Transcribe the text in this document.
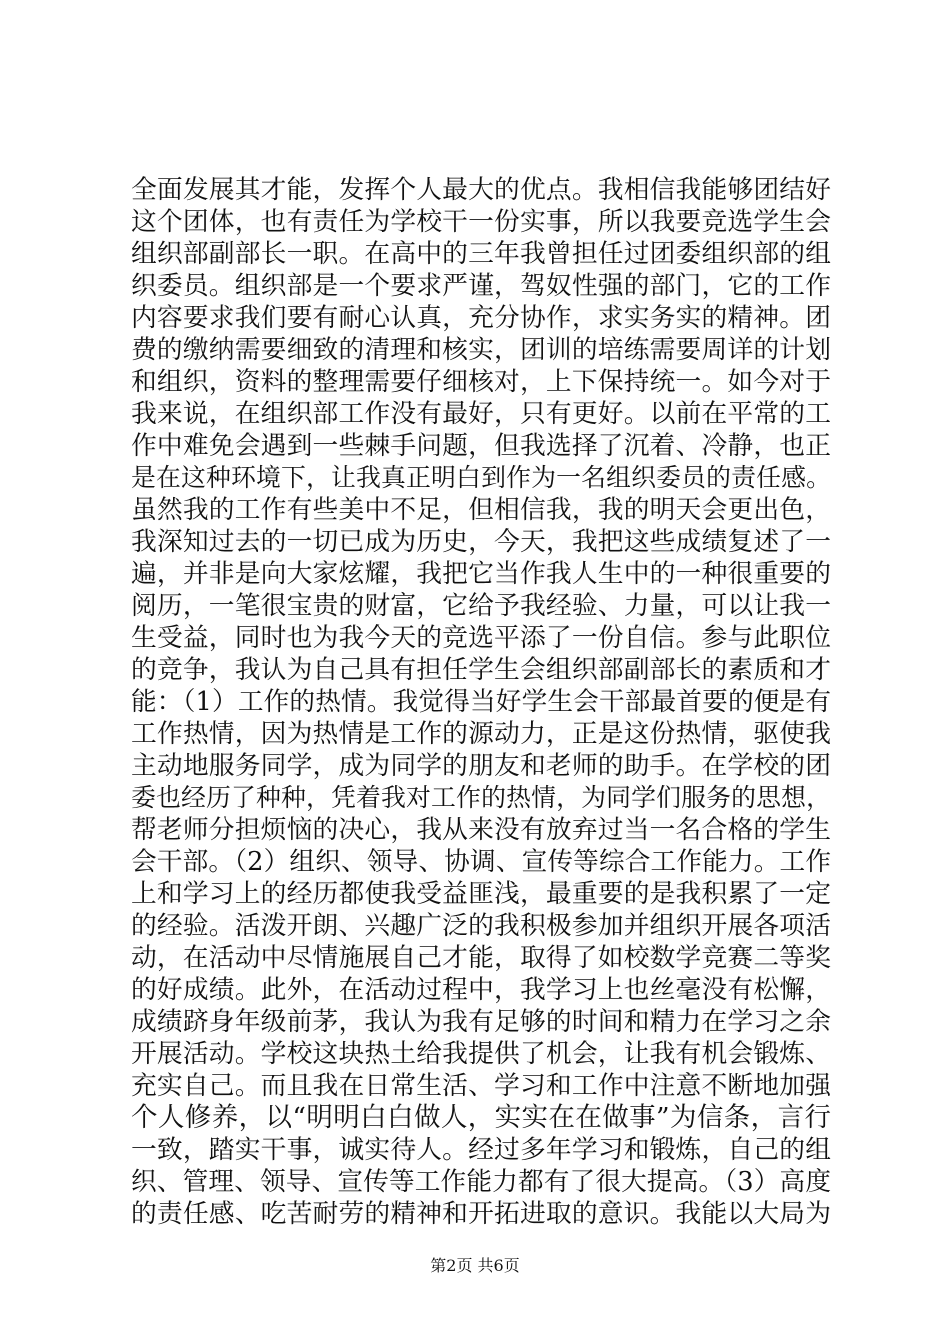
全面发展其才能，发挥个人最大的优点。我相信我能够团结好
这个团体，也有责任为学校干一份实事，所以我要竞选学生会
组织部副部长一职。在高中的三年我曾担任过团委组织部的组
织委员。组织部是一个要求严谨，驾奴性强的部门，它的工作
内容要求我们要有耐心认真，充分协作，求实务实的精神。团
费的缴纳需要细致的清理和核实，团训的培练需要周详的计划
和组织，资料的整理需要仔细核对，上下保持统一。如今对于
我来说，在组织部工作没有最好，只有更好。以前在平常的工
作中难免会遇到一些棘手问题，但我选择了沉着、冷静，也正
是在这种环境下，让我真正明白到作为一名组织委员的责任感。
虽然我的工作有些美中不足，但相信我，我的明天会更出色，
我深知过去的一切已成为历史，今天，我把这些成绩复述了一
遍，并非是向大家炫耀，我把它当作我人生中的一种很重要的
阅历，一笔很宝贵的财富，它给予我经验、力量，可以让我一
生受益，同时也为我今天的竞选平添了一份自信。参与此职位
的竞争，我认为自己具有担任学生会组织部副部长的素质和才
能：（1）工作的热情。我觉得当好学生会干部最首要的便是有
工作热情，因为热情是工作的源动力，正是这份热情，驱使我
主动地服务同学，成为同学的朋友和老师的助手。在学校的团
委也经历了种种，凭着我对工作的热情，为同学们服务的思想，
帮老师分担烦恼的决心，我从来没有放弃过当一名合格的学生
会干部。（2）组织、领导、协调、宣传等综合工作能力。工作
上和学习上的经历都使我受益匪浅，最重要的是我积累了一定
的经验。活泼开朗、兴趣广泛的我积极参加并组织开展各项活
动，在活动中尽情施展自己才能，取得了如校数学竞赛二等奖
的好成绩。此外，在活动过程中，我学习上也丝毫没有松懈，
成绩跻身年级前茅，我认为我有足够的时间和精力在学习之余
开展活动。学校这块热土给我提供了机会，让我有机会锻炼、
充实自己。而且我在日常生活、学习和工作中注意不断地加强
个人修养，以“明明白白做人，实实在在做事”为信条，言行
一致，踏实干事，诚实待人。经过多年学习和锻炼，自己的组
织、管理、领导、宣传等工作能力都有了很大提高。（3）高度
的责任感、吃苦耐劳的精神和开拓进取的意识。我能以大局为
第2页 共6页
